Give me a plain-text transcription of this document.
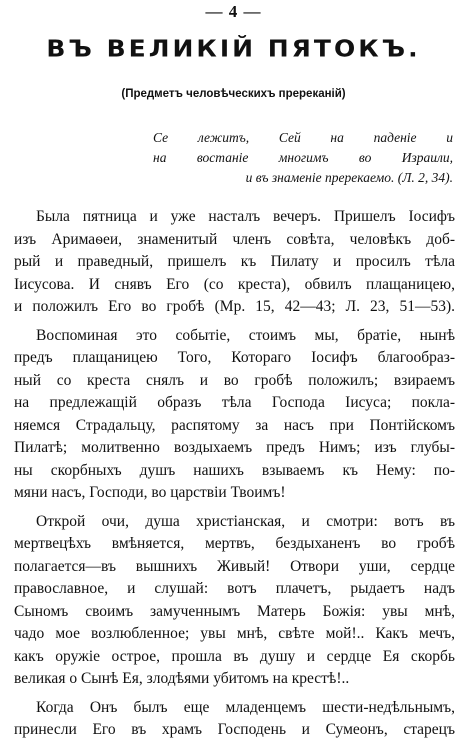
— 4 —
ВЪ ВЕЛИКІЙ ПЯТОКЪ.
(Предметъ человѣческихъ пререканій)
Се лежитъ, Сей на паденіе и
на востаніе многимъ во Израили,
и въ знаменіе пререкаемо. (Л. 2, 34).

Была пятница и уже насталъ вечеръ. Пришелъ Іосифъ
изъ Аримаѳеи, знаменитый членъ совѣта, человѣкъ доб-
рый и праведный, пришелъ къ Пилату и просилъ тѣла
Іисусова. И снявъ Его (со креста), обвилъ плащаницею,
и положилъ Его во гробѣ (Мр. 15, 42—43; Л. 23, 51—53).

Воспоминая это событіе, стоимъ мы, братіе, нынѣ
предъ плащаницею Того, Котораго Іосифъ благообраз-
ный со креста снялъ и во гробѣ положилъ; взираемъ
на предлежащій образъ тѣла Господа Іисуса; покла-
няемся Страдальцу, распятому за насъ при Понтійскомъ
Пилатѣ; молитвенно воздыхаемъ предъ Нимъ; изъ глубы-
ны скорбныхъ душъ нашихъ взываемъ къ Нему: по-
мяни насъ, Господи, во царствіи Твоимъ!

Открой очи, душа христіанская, и смотри: вотъ въ
мертвецѣхъ вмѣняется, мертвъ, бездыханенъ во гробѣ
полагается—въ вышнихъ Живый! Отвори уши, сердце
православное, и слушай: вотъ плачетъ, рыдаетъ надъ
Сыномъ своимъ замученнымъ Матерь Божія: увы мнѣ,
чадо мое возлюбленное; увы мнѣ, свѣте мой!.. Какъ мечъ,
какъ оружіе острое, прошла въ душу и сердце Ея скорбь
великая о Сынѣ Ея, злодѣями убитомъ на крестѣ!..

Когда Онъ былъ еще младенцемъ шести-недѣльнымъ,
принесли Его въ храмъ Господень и Сумеонъ, старецъ
